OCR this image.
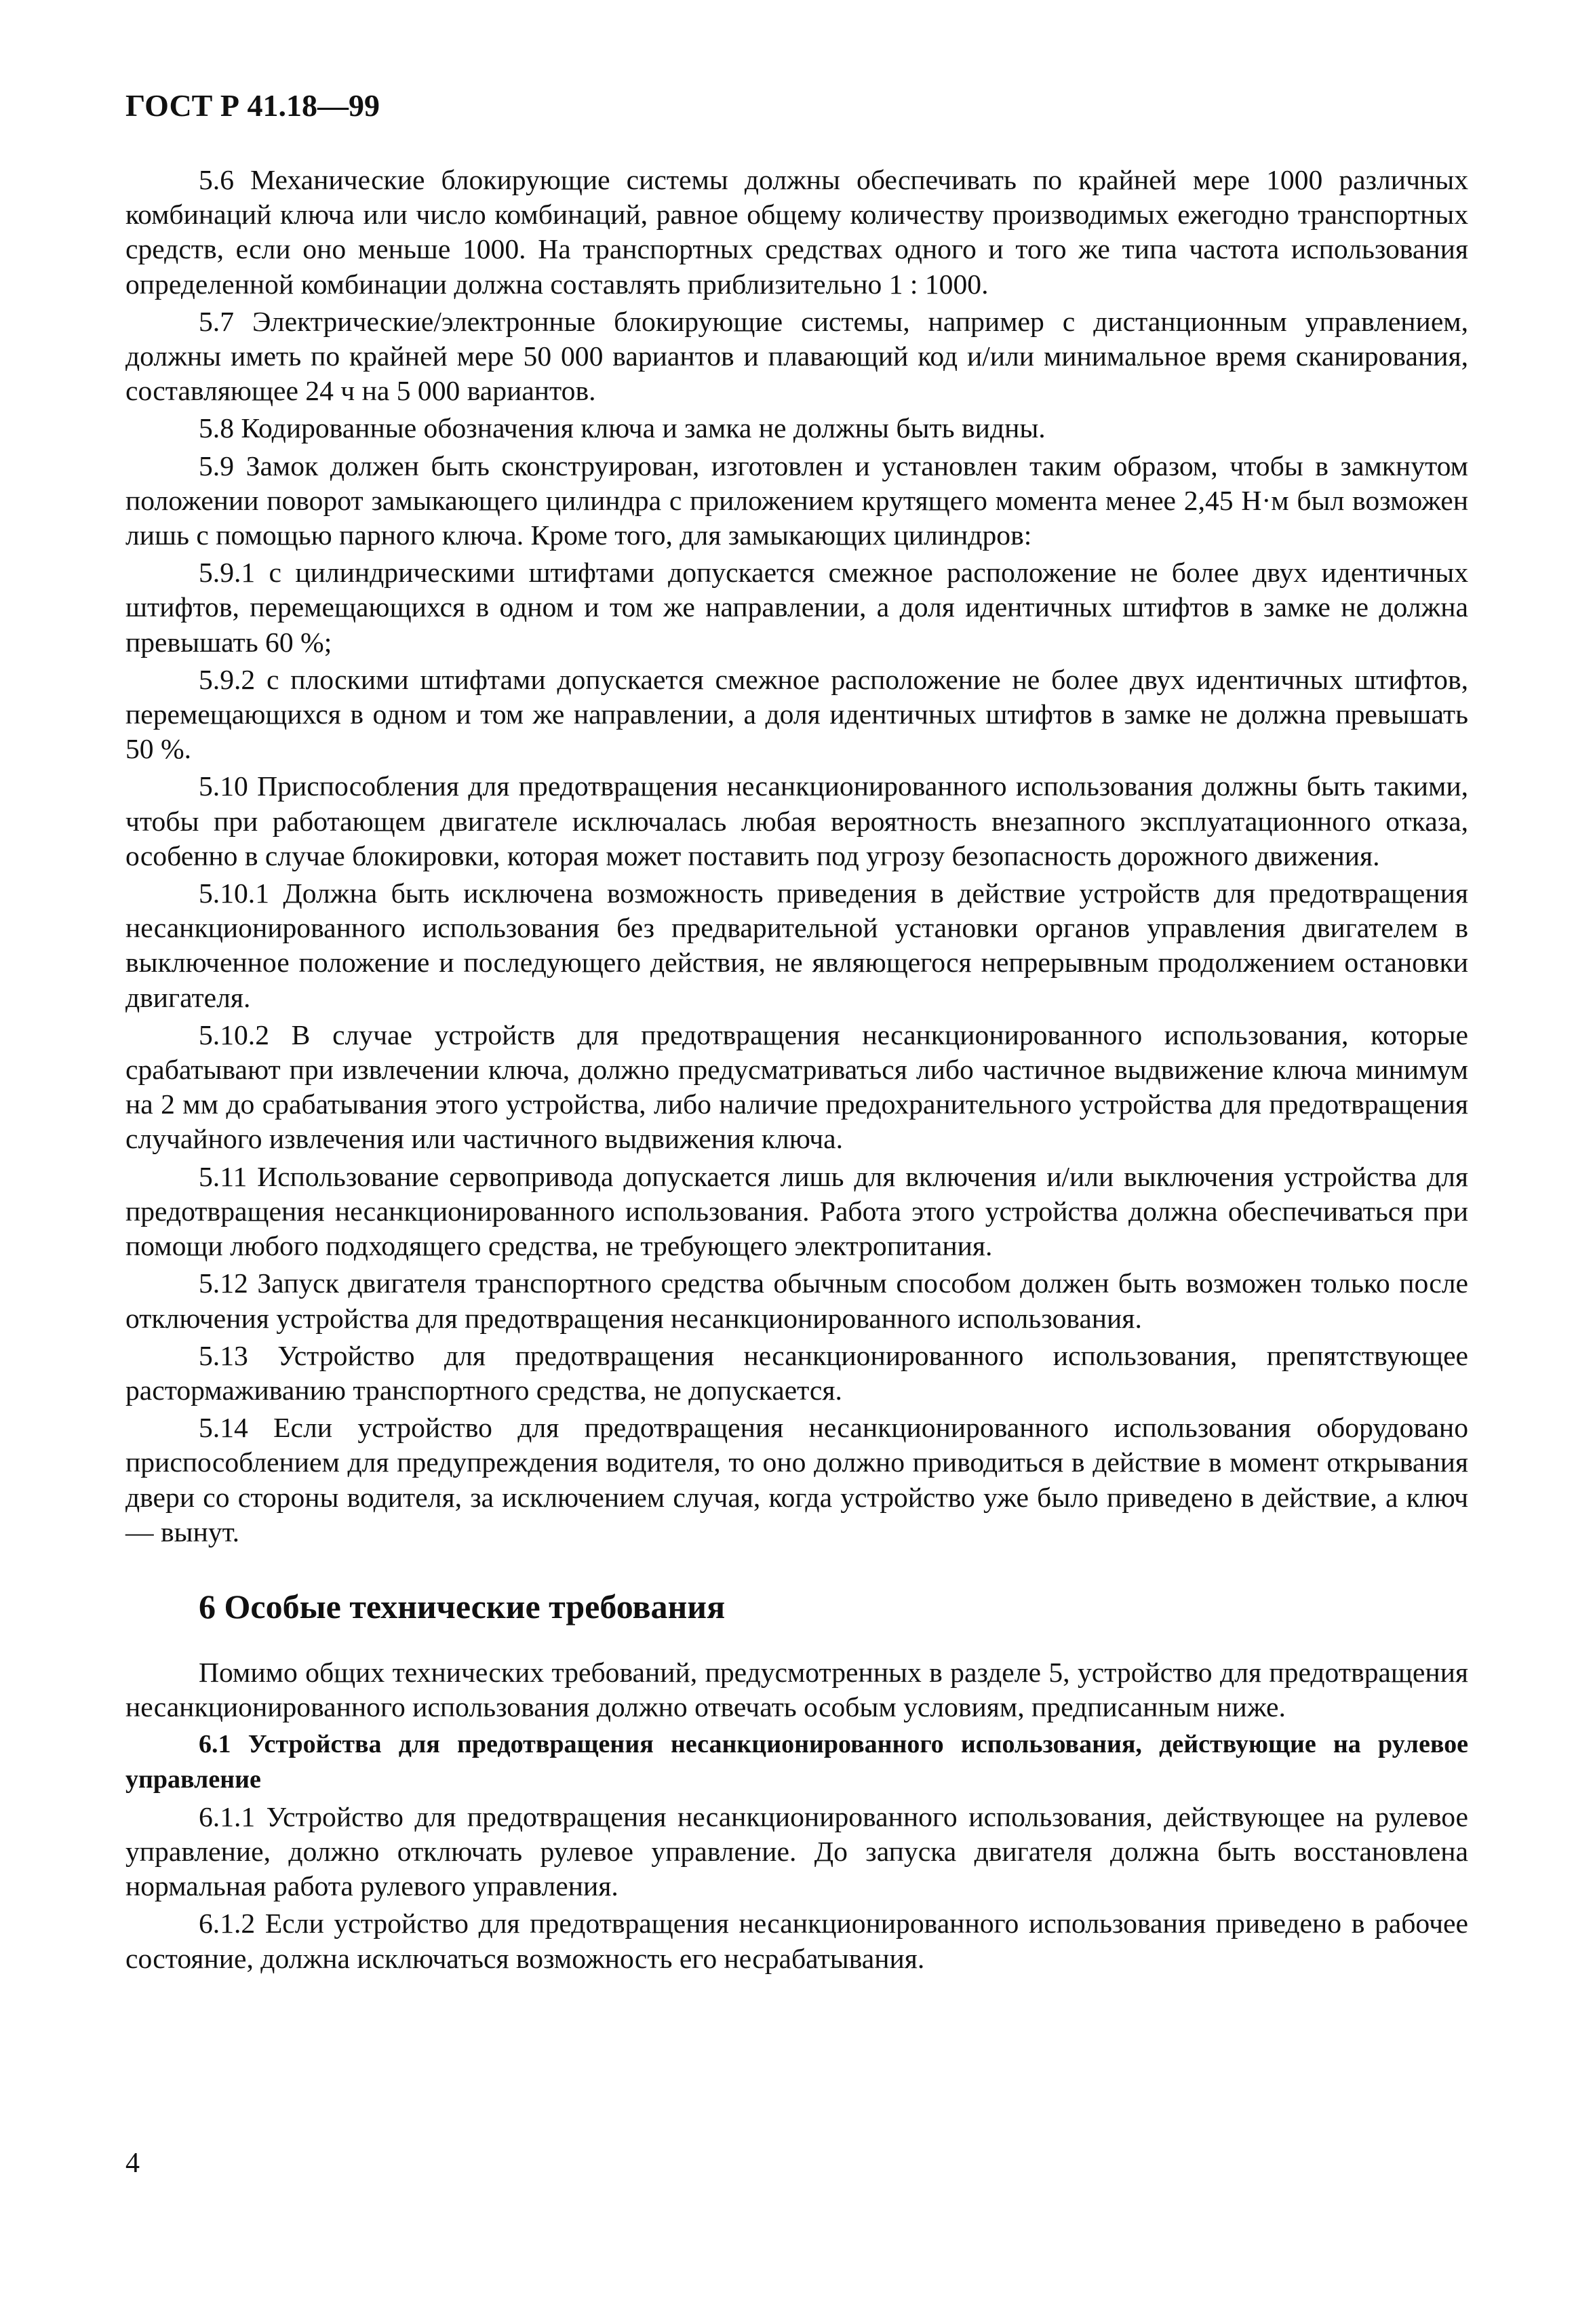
ГОСТ Р 41.18—99

5.6 Механические блокирующие системы должны обеспечивать по крайней мере 1000 различных комбинаций ключа или число комбинаций, равное общему количеству производимых ежегодно транспортных средств, если оно меньше 1000. На транспортных средствах одного и того же типа частота использования определенной комбинации должна составлять приблизительно 1 : 1000.

5.7 Электрические/электронные блокирующие системы, например с дистанционным управлением, должны иметь по крайней мере 50 000 вариантов и плавающий код и/или минимальное время сканирования, составляющее 24 ч на 5 000 вариантов.

5.8 Кодированные обозначения ключа и замка не должны быть видны.

5.9 Замок должен быть сконструирован, изготовлен и установлен таким образом, чтобы в замкнутом положении поворот замыкающего цилиндра с приложением крутящего момента менее 2,45 Н·м был возможен лишь с помощью парного ключа. Кроме того, для замыкающих цилиндров:

5.9.1 с цилиндрическими штифтами допускается смежное расположение не более двух идентичных штифтов, перемещающихся в одном и том же направлении, а доля идентичных штифтов в замке не должна превышать 60 %;

5.9.2 с плоскими штифтами допускается смежное расположение не более двух идентичных штифтов, перемещающихся в одном и том же направлении, а доля идентичных штифтов в замке не должна превышать 50 %.

5.10 Приспособления для предотвращения несанкционированного использования должны быть такими, чтобы при работающем двигателе исключалась любая вероятность внезапного эксплуатационного отказа, особенно в случае блокировки, которая может поставить под угрозу безопасность дорожного движения.

5.10.1 Должна быть исключена возможность приведения в действие устройств для предотвращения несанкционированного использования без предварительной установки органов управления двигателем в выключенное положение и последующего действия, не являющегося непрерывным продолжением остановки двигателя.

5.10.2 В случае устройств для предотвращения несанкционированного использования, которые срабатывают при извлечении ключа, должно предусматриваться либо частичное выдвижение ключа минимум на 2 мм до срабатывания этого устройства, либо наличие предохранительного устройства для предотвращения случайного извлечения или частичного выдвижения ключа.

5.11 Использование сервопривода допускается лишь для включения и/или выключения устройства для предотвращения несанкционированного использования. Работа этого устройства должна обеспечиваться при помощи любого подходящего средства, не требующего электропитания.

5.12 Запуск двигателя транспортного средства обычным способом должен быть возможен только после отключения устройства для предотвращения несанкционированного использования.

5.13 Устройство для предотвращения несанкционированного использования, препятствующее растормаживанию транспортного средства, не допускается.

5.14 Если устройство для предотвращения несанкционированного использования оборудовано приспособлением для предупреждения водителя, то оно должно приводиться в действие в момент открывания двери со стороны водителя, за исключением случая, когда устройство уже было приведено в действие, а ключ — вынут.

6 Особые технические требования

Помимо общих технических требований, предусмотренных в разделе 5, устройство для предотвращения несанкционированного использования должно отвечать особым условиям, предписанным ниже.

6.1 Устройства для предотвращения несанкционированного использования, действующие на рулевое управление

6.1.1 Устройство для предотвращения несанкционированного использования, действующее на рулевое управление, должно отключать рулевое управление. До запуска двигателя должна быть восстановлена нормальная работа рулевого управления.

6.1.2 Если устройство для предотвращения несанкционированного использования приведено в рабочее состояние, должна исключаться возможность его несрабатывания.

4
